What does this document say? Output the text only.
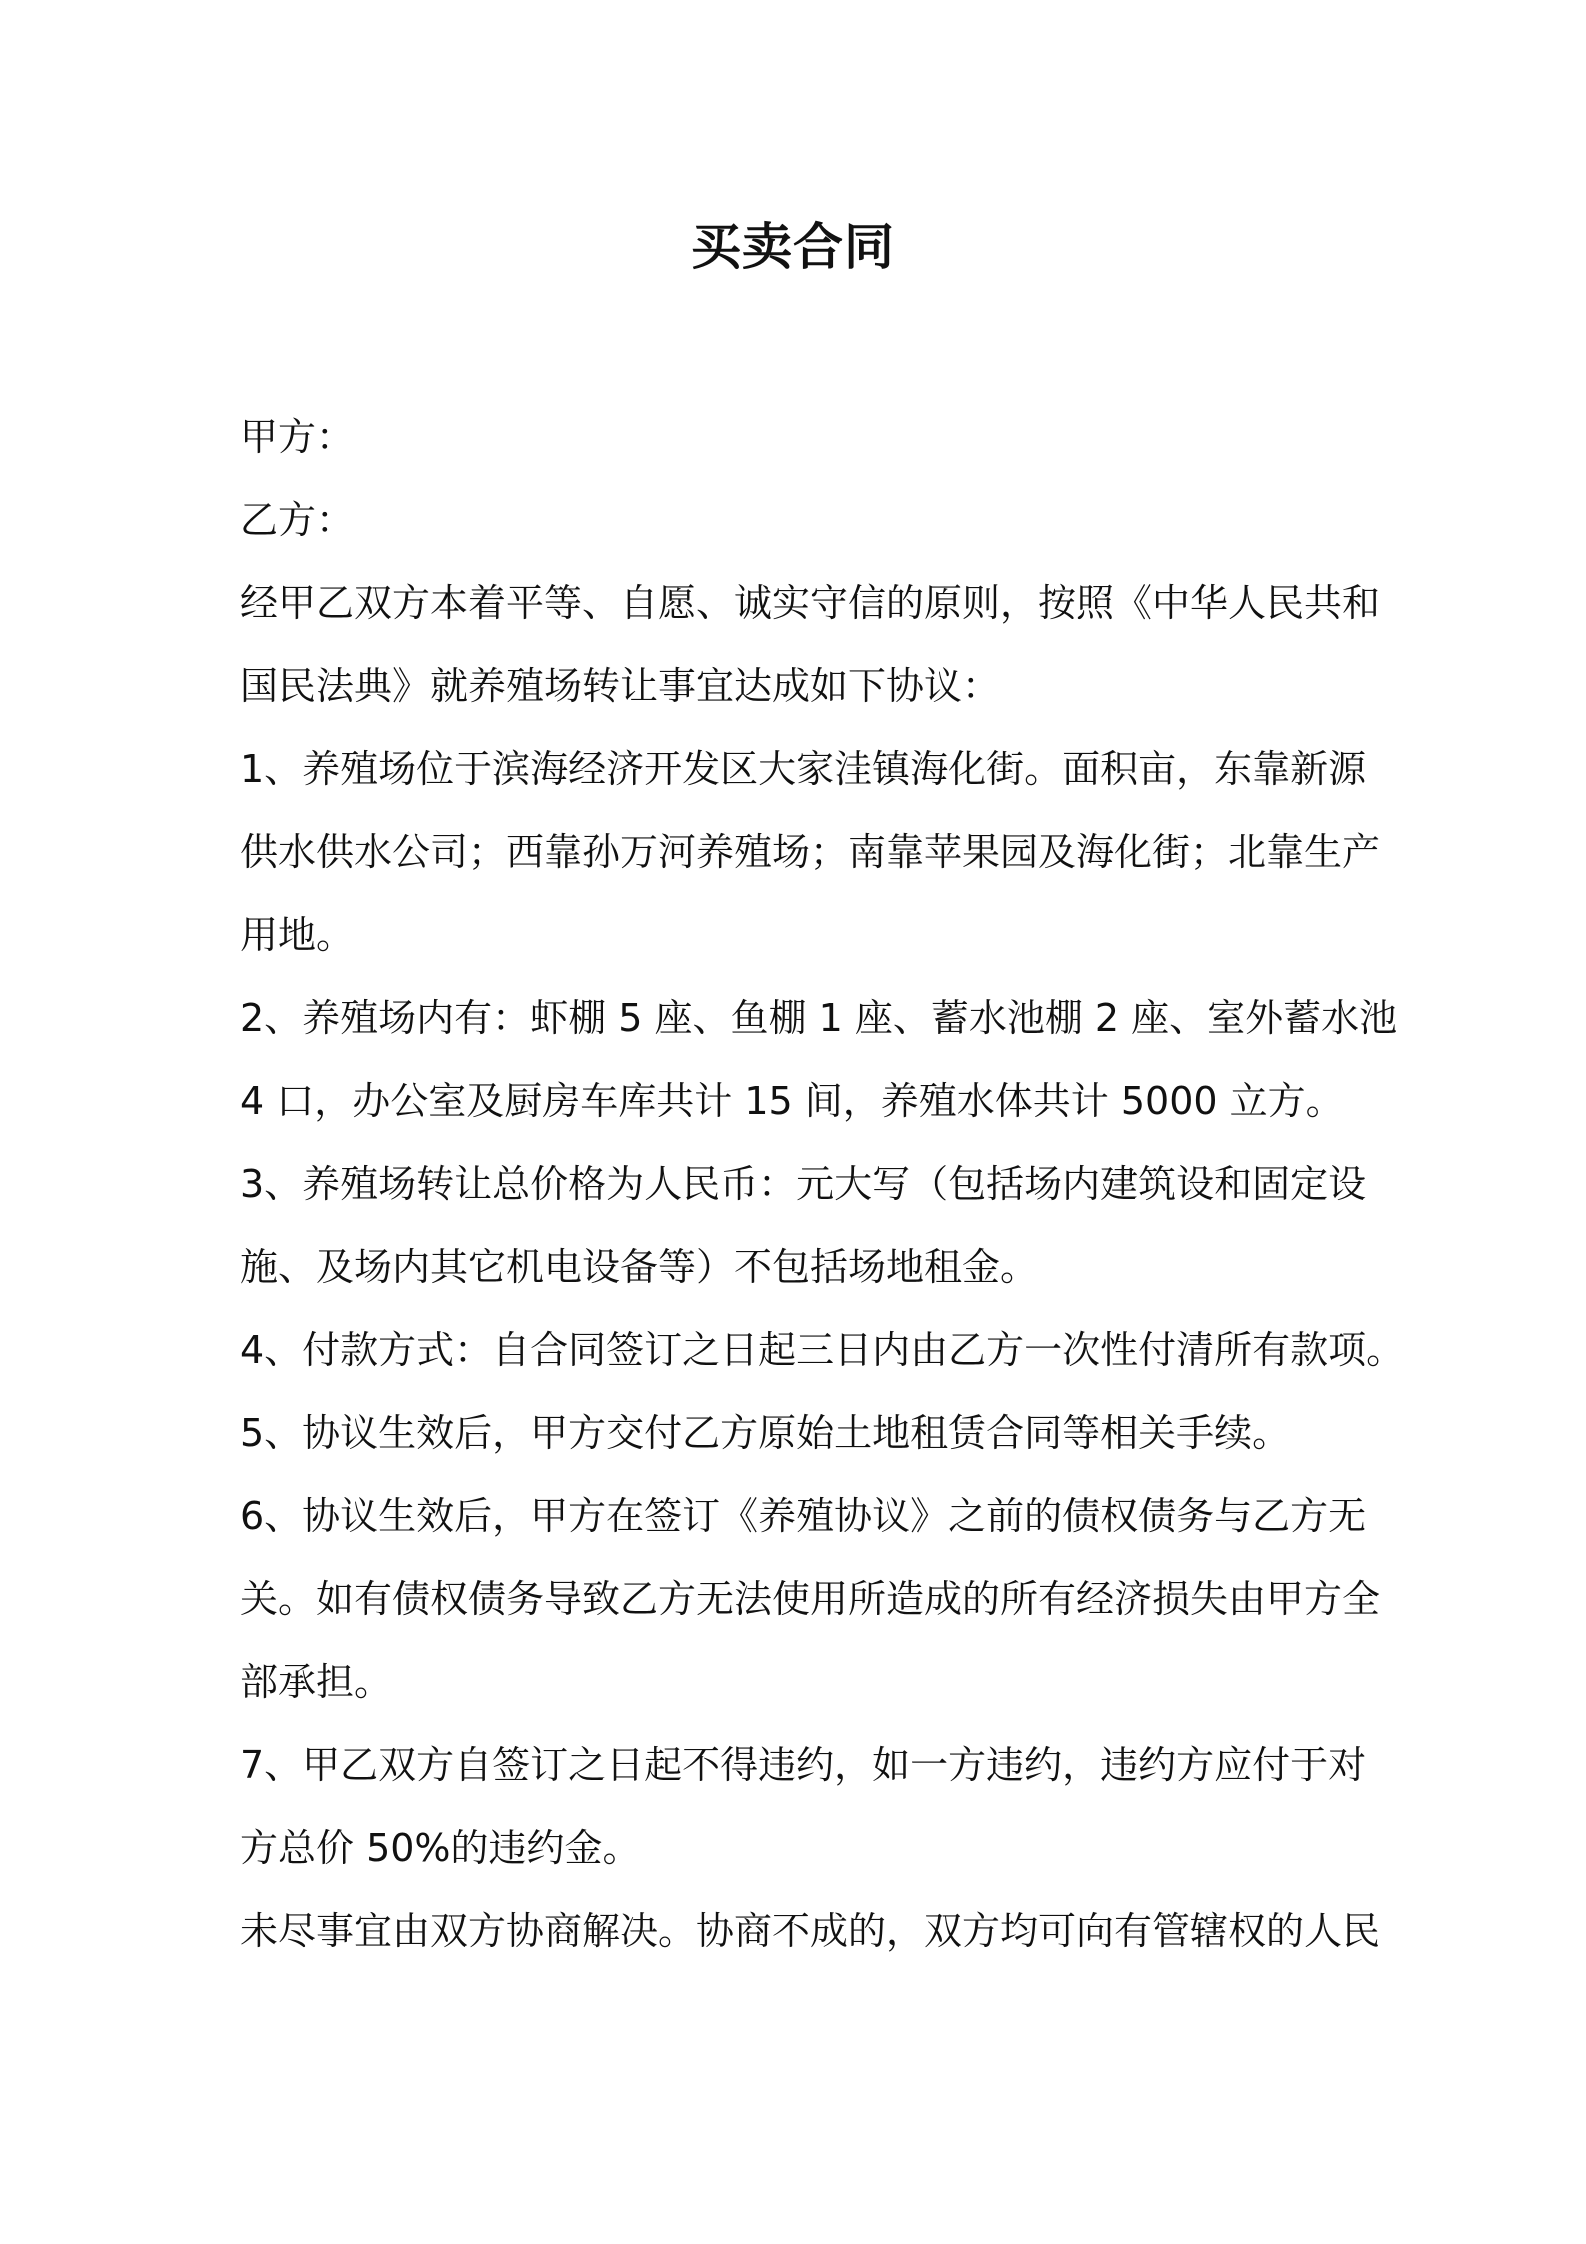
买卖合同
甲方：
乙方：
经甲乙双方本着平等、自愿、诚实守信的原则，按照《中华人民共和
国民法典》就养殖场转让事宜达成如下协议：
1、养殖场位于滨海经济开发区大家洼镇海化街。面积亩，东靠新源
供水供水公司；西靠孙万河养殖场；南靠苹果园及海化街；北靠生产
用地。
2、养殖场内有：虾棚 5 座、鱼棚 1 座、蓄水池棚 2 座、室外蓄水池
4 口，办公室及厨房车库共计 15 间，养殖水体共计 5000 立方。
3、养殖场转让总价格为人民币：元大写（包括场内建筑设和固定设
施、及场内其它机电设备等）不包括场地租金。
4、付款方式：自合同签订之日起三日内由乙方一次性付清所有款项。
5、协议生效后，甲方交付乙方原始土地租赁合同等相关手续。
6、协议生效后，甲方在签订《养殖协议》之前的债权债务与乙方无
关。如有债权债务导致乙方无法使用所造成的所有经济损失由甲方全
部承担。
7、甲乙双方自签订之日起不得违约，如一方违约，违约方应付于对
方总价 50%的违约金。
未尽事宜由双方协商解决。协商不成的，双方均可向有管辖权的人民
